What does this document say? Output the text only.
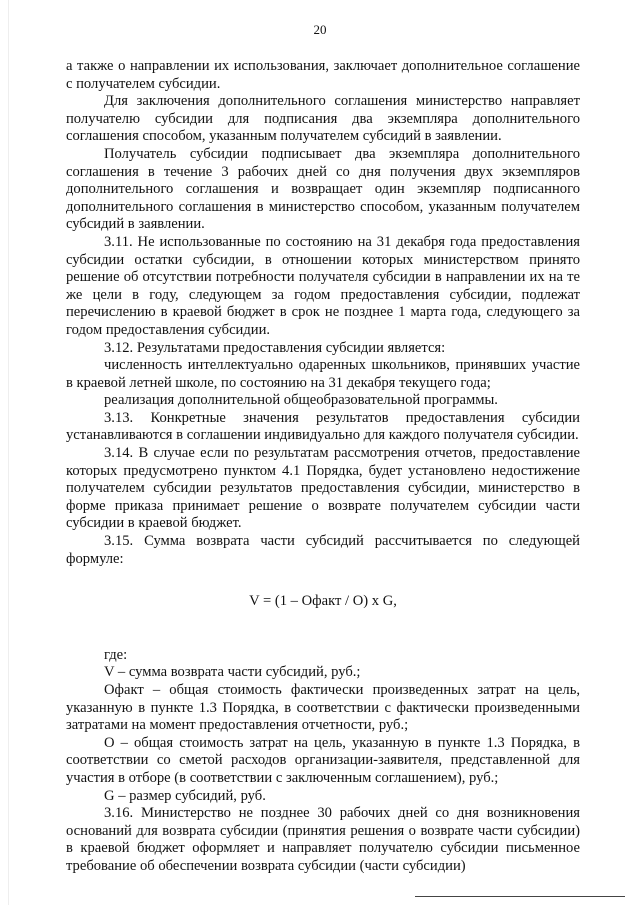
20

а также о направлении их использования, заключает дополнительное соглашение с получателем субсидии.

Для заключения дополнительного соглашения министерство направляет получателю субсидии для подписания два экземпляра дополнительного соглашения способом, указанным получателем субсидий в заявлении.

Получатель субсидии подписывает два экземпляра дополнительного соглашения в течение 3 рабочих дней со дня получения двух экземпляров дополнительного соглашения и возвращает один экземпляр подписанного дополнительного соглашения в министерство способом, указанным получателем субсидий в заявлении.

3.11. Не использованные по состоянию на 31 декабря года предоставления субсидии остатки субсидии, в отношении которых министерством принято решение об отсутствии потребности получателя субсидии в направлении их на те же цели в году, следующем за годом предоставления субсидии, подлежат перечислению в краевой бюджет в срок не позднее 1 марта года, следующего за годом предоставления субсидии.

3.12. Результатами предоставления субсидии является:

численность интеллектуально одаренных школьников, принявших участие в краевой летней школе, по состоянию на 31 декабря текущего года;

реализация дополнительной общеобразовательной программы.

3.13. Конкретные значения результатов предоставления субсидии устанавливаются в соглашении индивидуально для каждого получателя субсидии.

3.14. В случае если по результатам рассмотрения отчетов, предоставление которых предусмотрено пунктом 4.1 Порядка, будет установлено недостижение получателем субсидии результатов предоставления субсидии, министерство в форме приказа принимает решение о возврате получателем субсидии части субсидии в краевой бюджет.

3.15. Сумма возврата части субсидий рассчитывается по следующей формуле:

V = (1 – Офакт / О) х G,

где:

V – сумма возврата части субсидий, руб.;

Офакт – общая стоимость фактически произведенных затрат на цель, указанную в пункте 1.3 Порядка, в соответствии с фактически произведенными затратами на момент предоставления отчетности, руб.;

О – общая стоимость затрат на цель, указанную в пункте 1.3 Порядка, в соответствии со сметой расходов организации-заявителя, представленной для участия в отборе (в соответствии с заключенным соглашением), руб.;

G – размер субсидий, руб.

3.16. Министерство не позднее 30 рабочих дней со дня возникновения оснований для возврата субсидии (принятия решения о возврате части субсидии) в краевой бюджет оформляет и направляет получателю субсидии письменное требование об обеспечении возврата субсидии (части субсидии)
